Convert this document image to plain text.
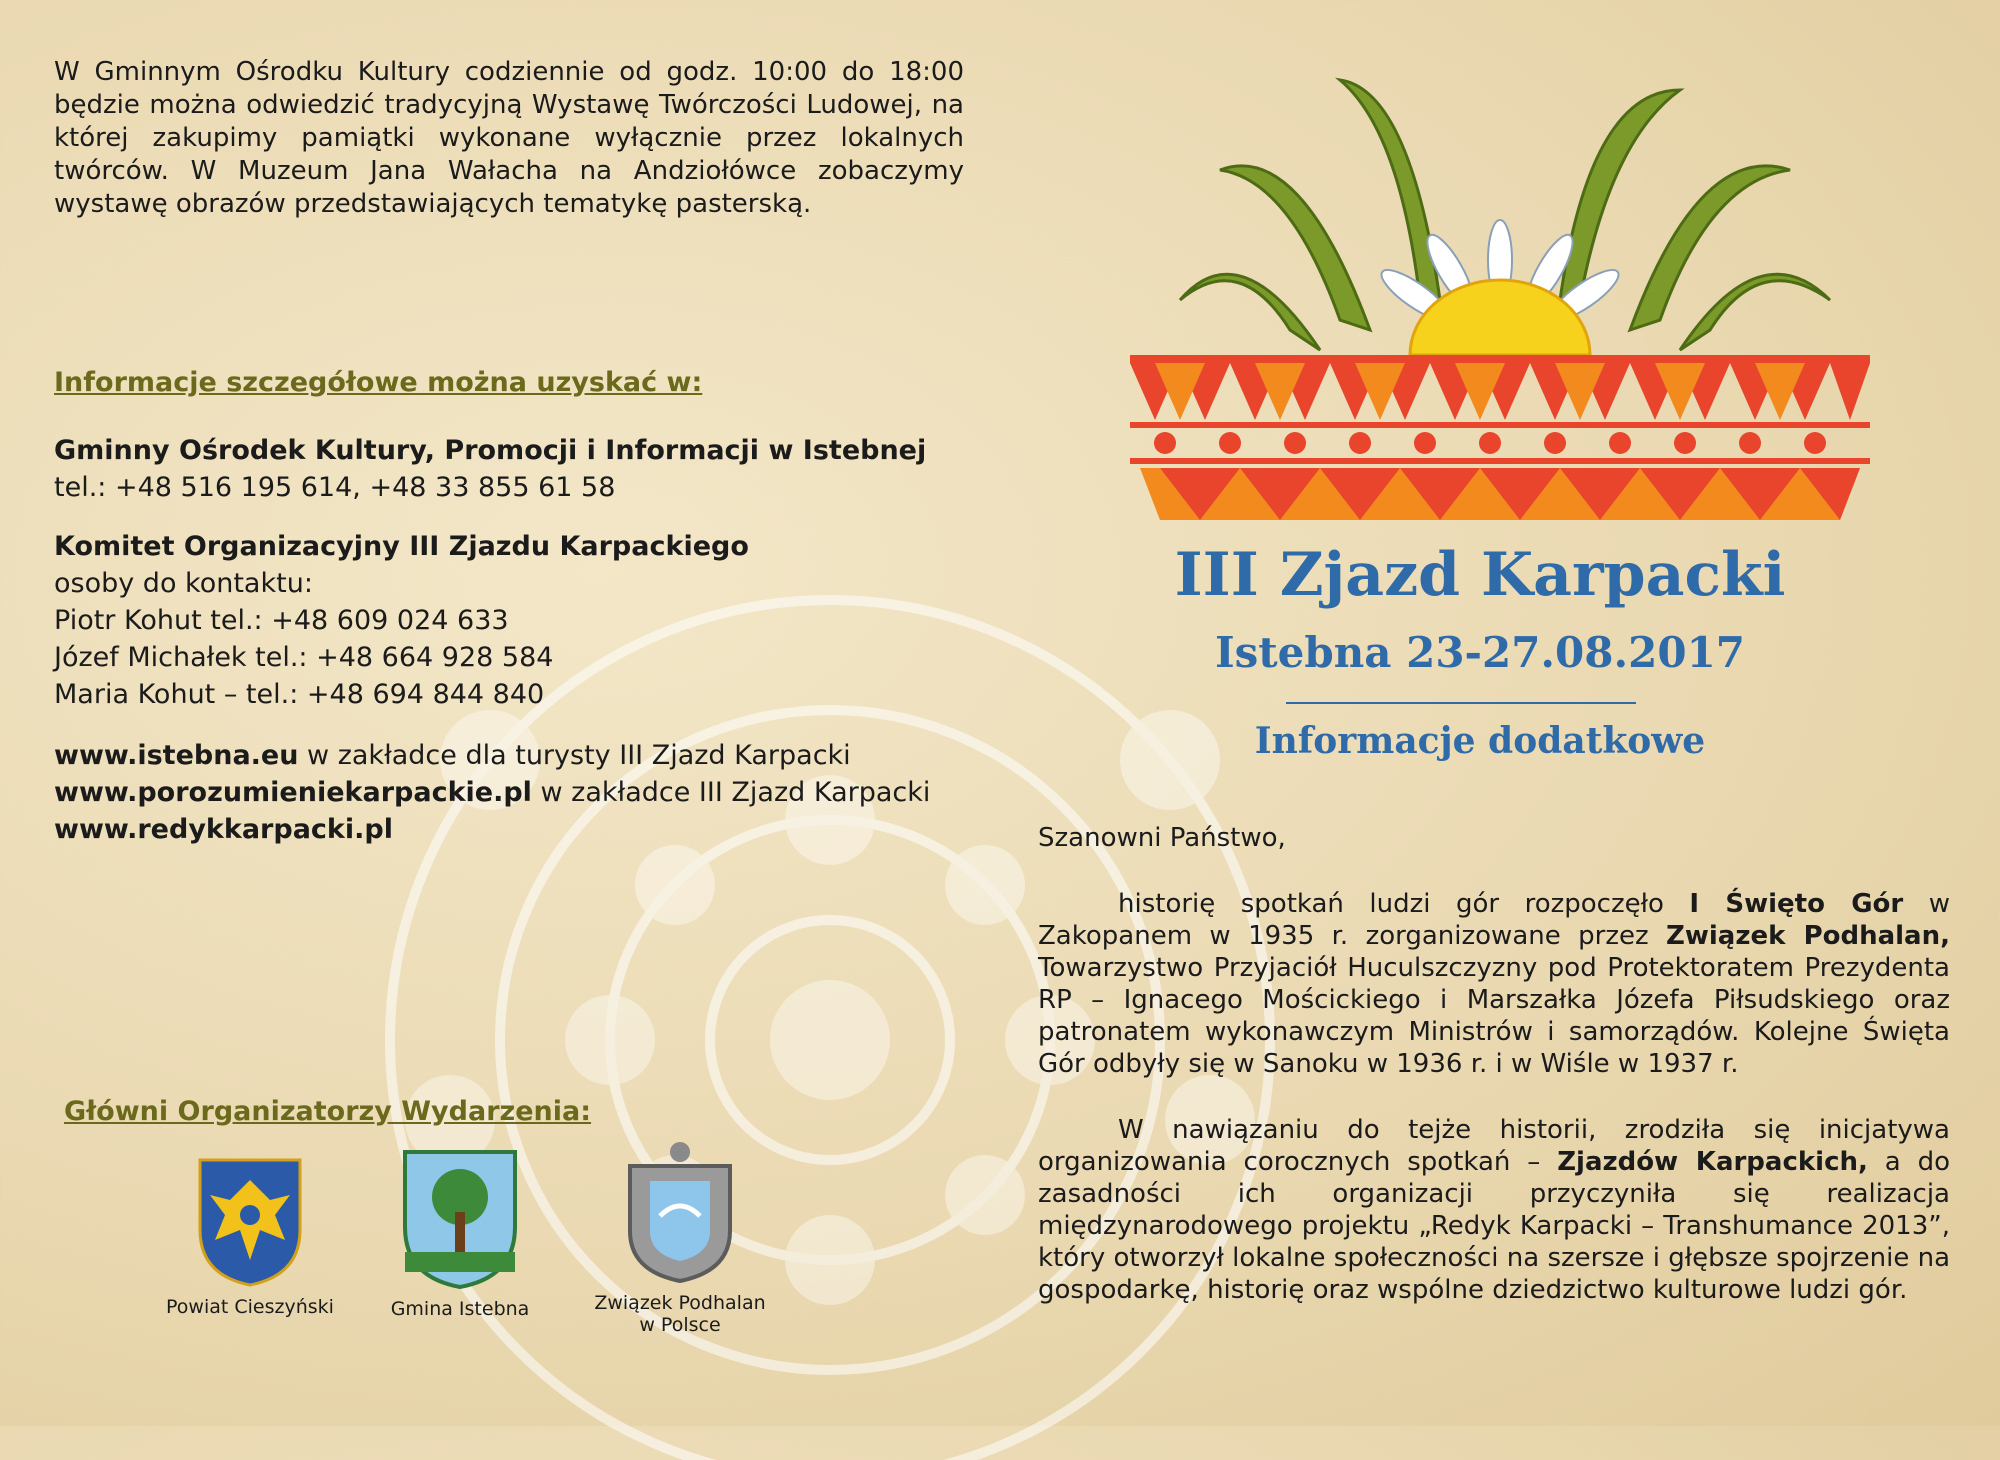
W Gminnym Ośrodku Kultury codziennie od godz. 10:00 do 18:00 będzie można odwiedzić tradycyjną Wystawę Twórczości Ludowej, na której zakupimy pamiątki wykonane wyłącznie przez lokalnych twórców. W Muzeum Jana Wałacha na Andziołówce zobaczymy wystawę obrazów przedstawiających tematykę pasterską.

Informacje szczegółowe można uzyskać w:

Gminny Ośrodek Kultury, Promocji i Informacji w Istebnej

tel.: +48 516 195 614, +48 33 855 61 58

Komitet Organizacyjny III Zjazdu Karpackiego

osoby do kontaktu:

Piotr Kohut tel.: +48 609 024 633

Józef Michałek tel.: +48 664 928 584

Maria Kohut – tel.: +48 694 844 840

www.istebna.eu w zakładce dla turysty III Zjazd Karpacki

www.porozumieniekarpackie.pl w zakładce III Zjazd Karpacki

www.redykkarpacki.pl

Główni Organizatorzy Wydarzenia:

Powiat Cieszyński	Gmina Istebna	Związek Podhalan
w Polsce
III Zjazd Karpacki
Istebna 23-27.08.2017
Informacje dodatkowe

Szanowni Państwo,

historię spotkań ludzi gór rozpoczęło I Święto Gór w Zakopanem w 1935 r. zorganizowane przez Związek Podhalan, Towarzystwo Przyjaciół Huculszczyzny pod Protektoratem Prezydenta RP – Ignacego Mościckiego i Marszałka Józefa Piłsudskiego oraz patronatem wykonawczym Ministrów i samorządów. Kolejne Święta Gór odbyły się w Sanoku w 1936 r. i w Wiśle w 1937 r.

W nawiązaniu do tejże historii, zrodziła się inicjatywa organizowania corocznych spotkań – Zjazdów Karpackich, a do zasadności ich organizacji przyczyniła się realizacja międzynarodowego projektu „Redyk Karpacki – Transhumance 2013”, który otworzył lokalne społeczności na szersze i głębsze spojrzenie na gospodarkę, historię oraz wspólne dziedzictwo kulturowe ludzi gór.
